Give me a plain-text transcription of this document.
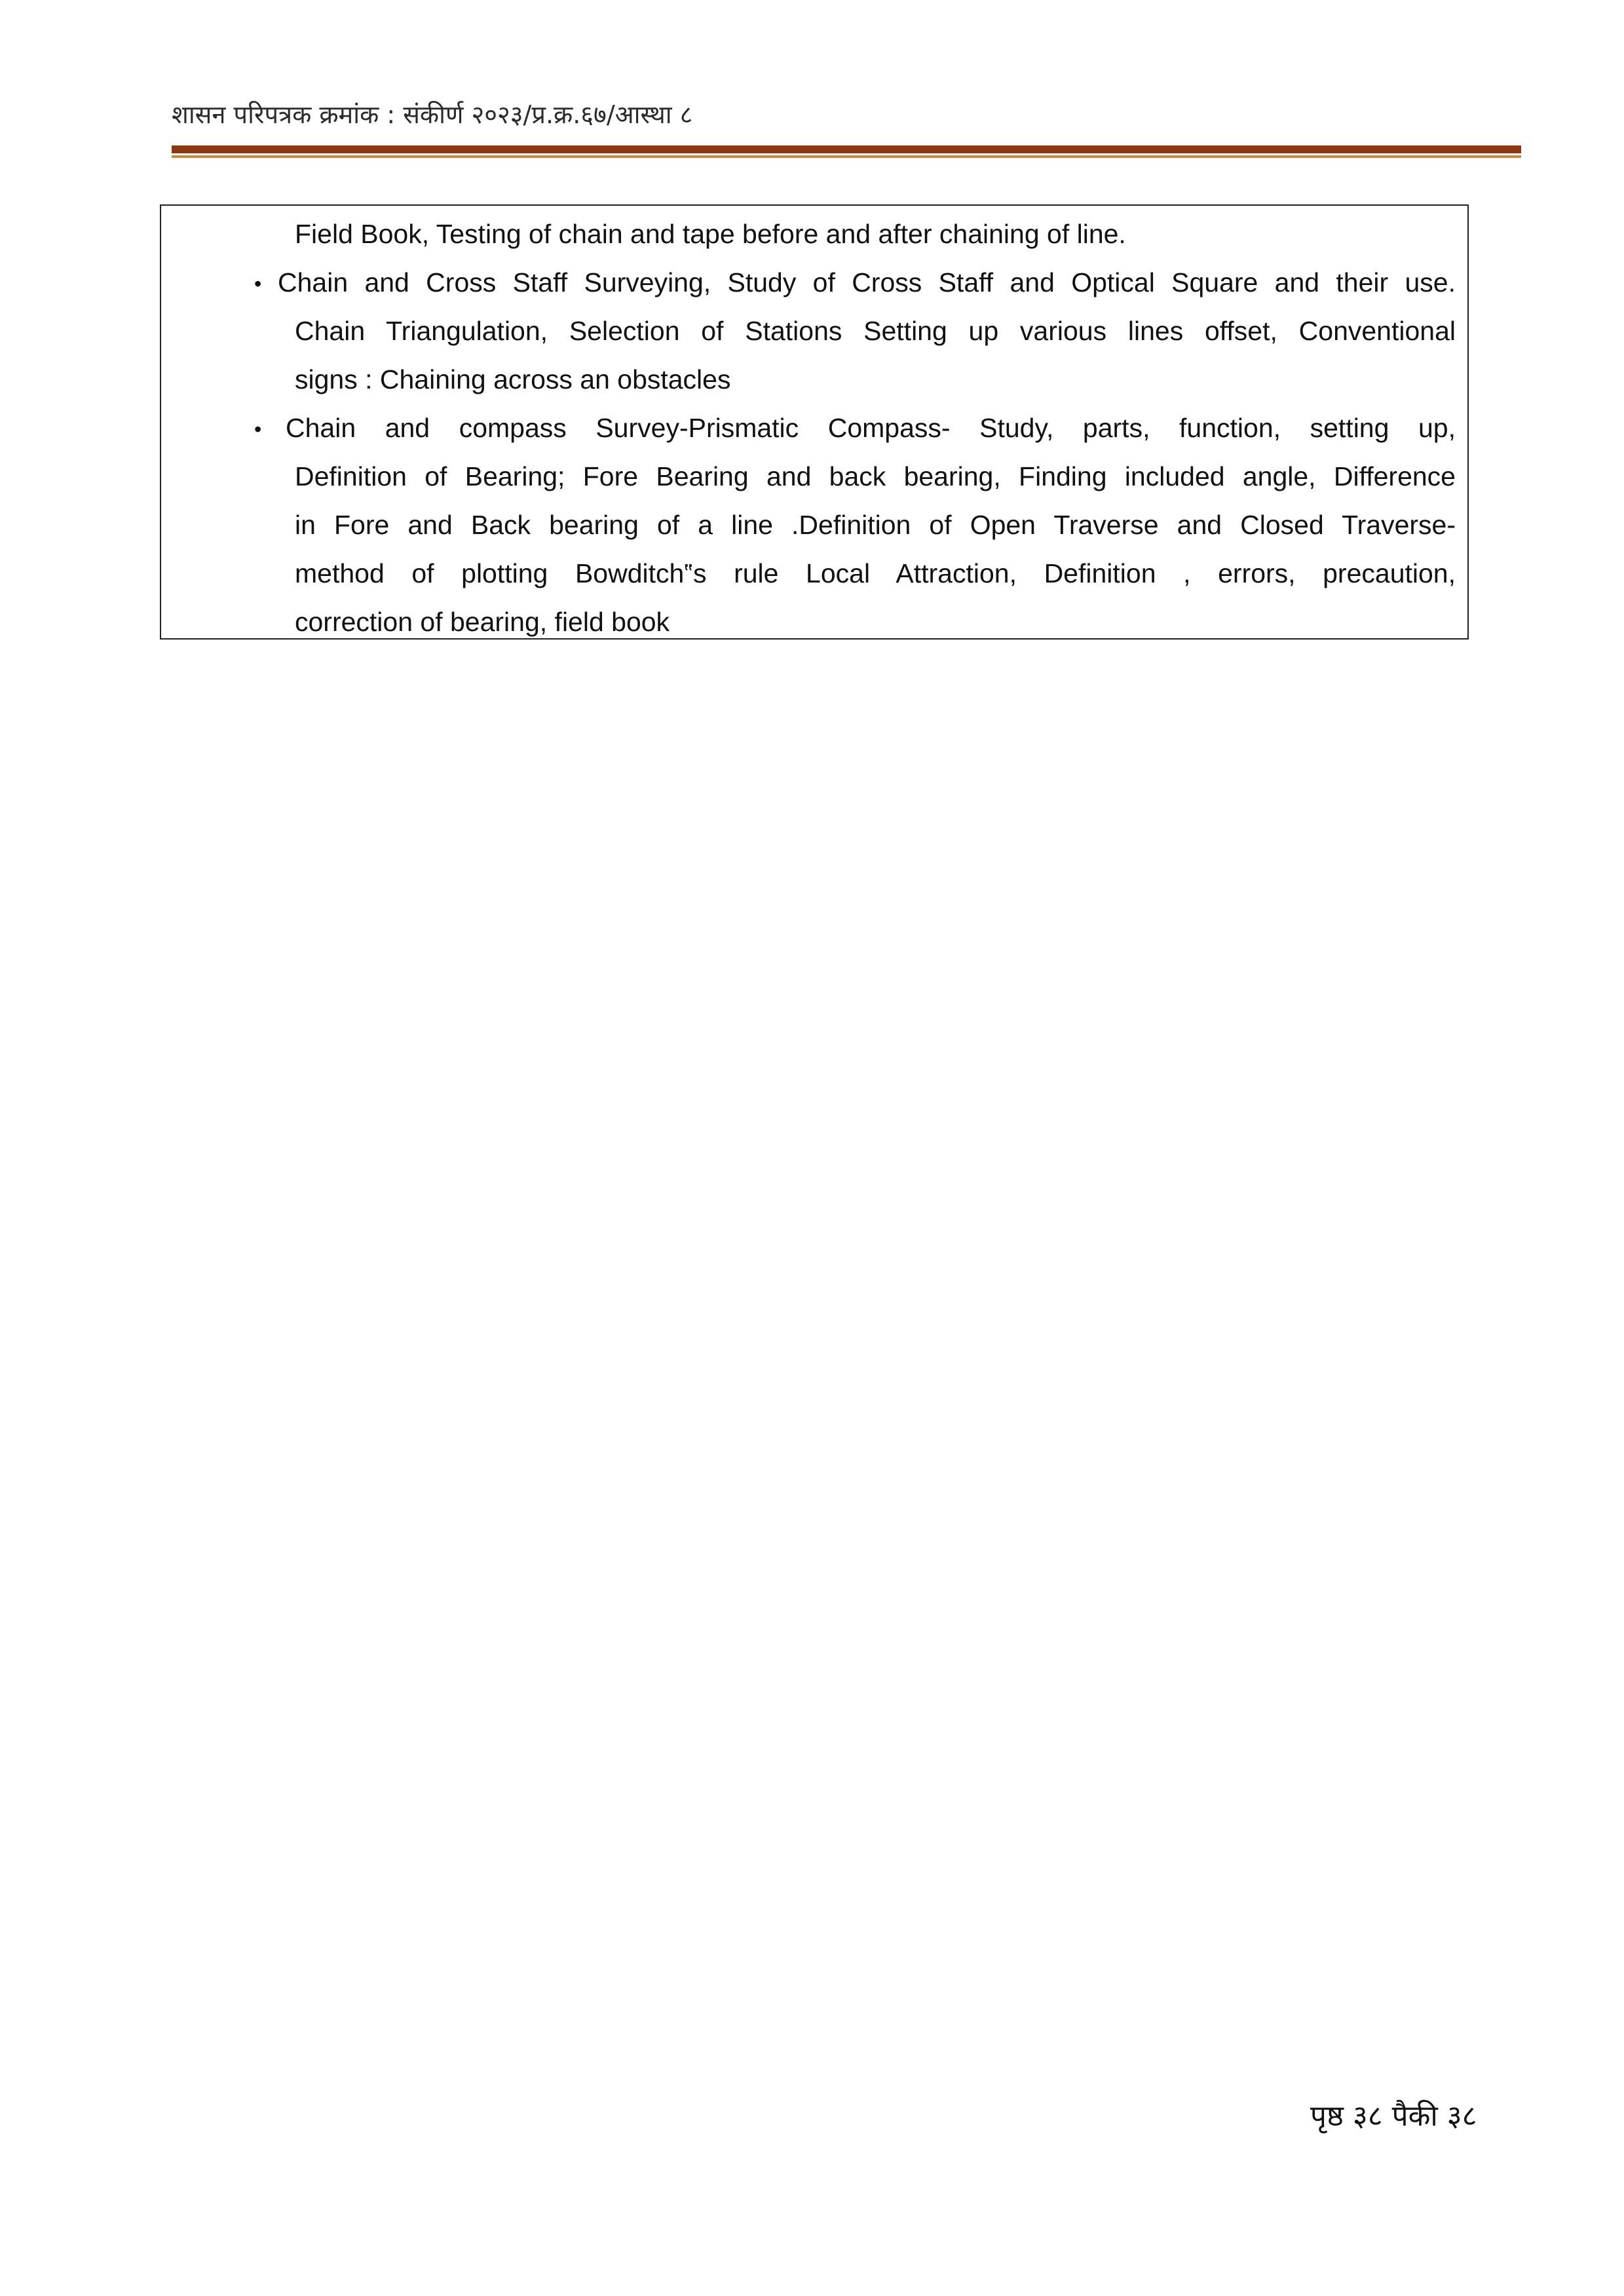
शासन परिपत्रक क्रमांक : संकीर्ण २०२३/प्र.क्र.६७/आस्था ८
Field Book, Testing of chain and tape before and after chaining of line.
• Chain and Cross Staff Surveying, Study of Cross Staff and Optical Square and their use.
Chain Triangulation, Selection of Stations Setting up various lines offset, Conventional
signs : Chaining across an obstacles
• Chain and compass Survey-Prismatic Compass- Study, parts, function, setting up,
Definition of Bearing; Fore Bearing and back bearing, Finding included angle, Difference
in Fore and Back bearing of a line .Definition of Open Traverse and Closed Traverse-
method of plotting Bowditch‟s rule Local Attraction, Definition , errors, precaution,
correction of bearing, field book
पृष्ठ ३८ पैकी ३८
